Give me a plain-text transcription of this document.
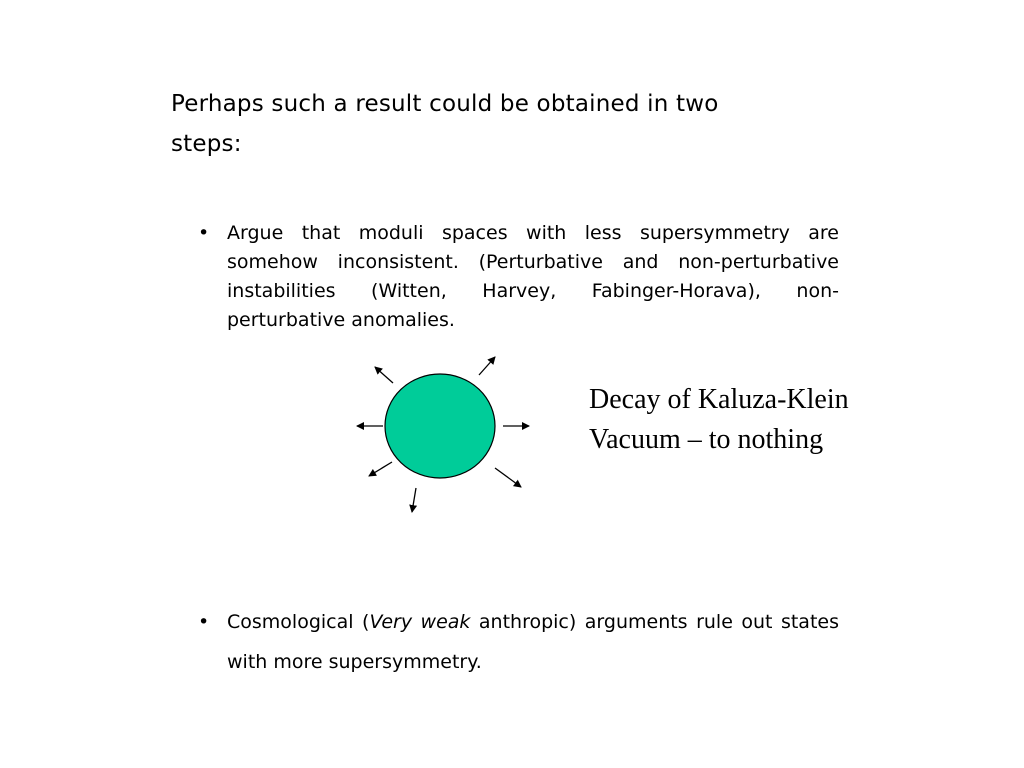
Perhaps such a result could be obtained in two
steps:
• Argue that moduli spaces with less supersymmetry are somehow inconsistent. (Perturbative and non-perturbative instabilities (Witten, Harvey, Fabinger-Horava), non-perturbative anomalies.
Decay of Kaluza-Klein
Vacuum – to nothing
• Cosmological (Very weak anthropic) arguments rule out states with more supersymmetry.
